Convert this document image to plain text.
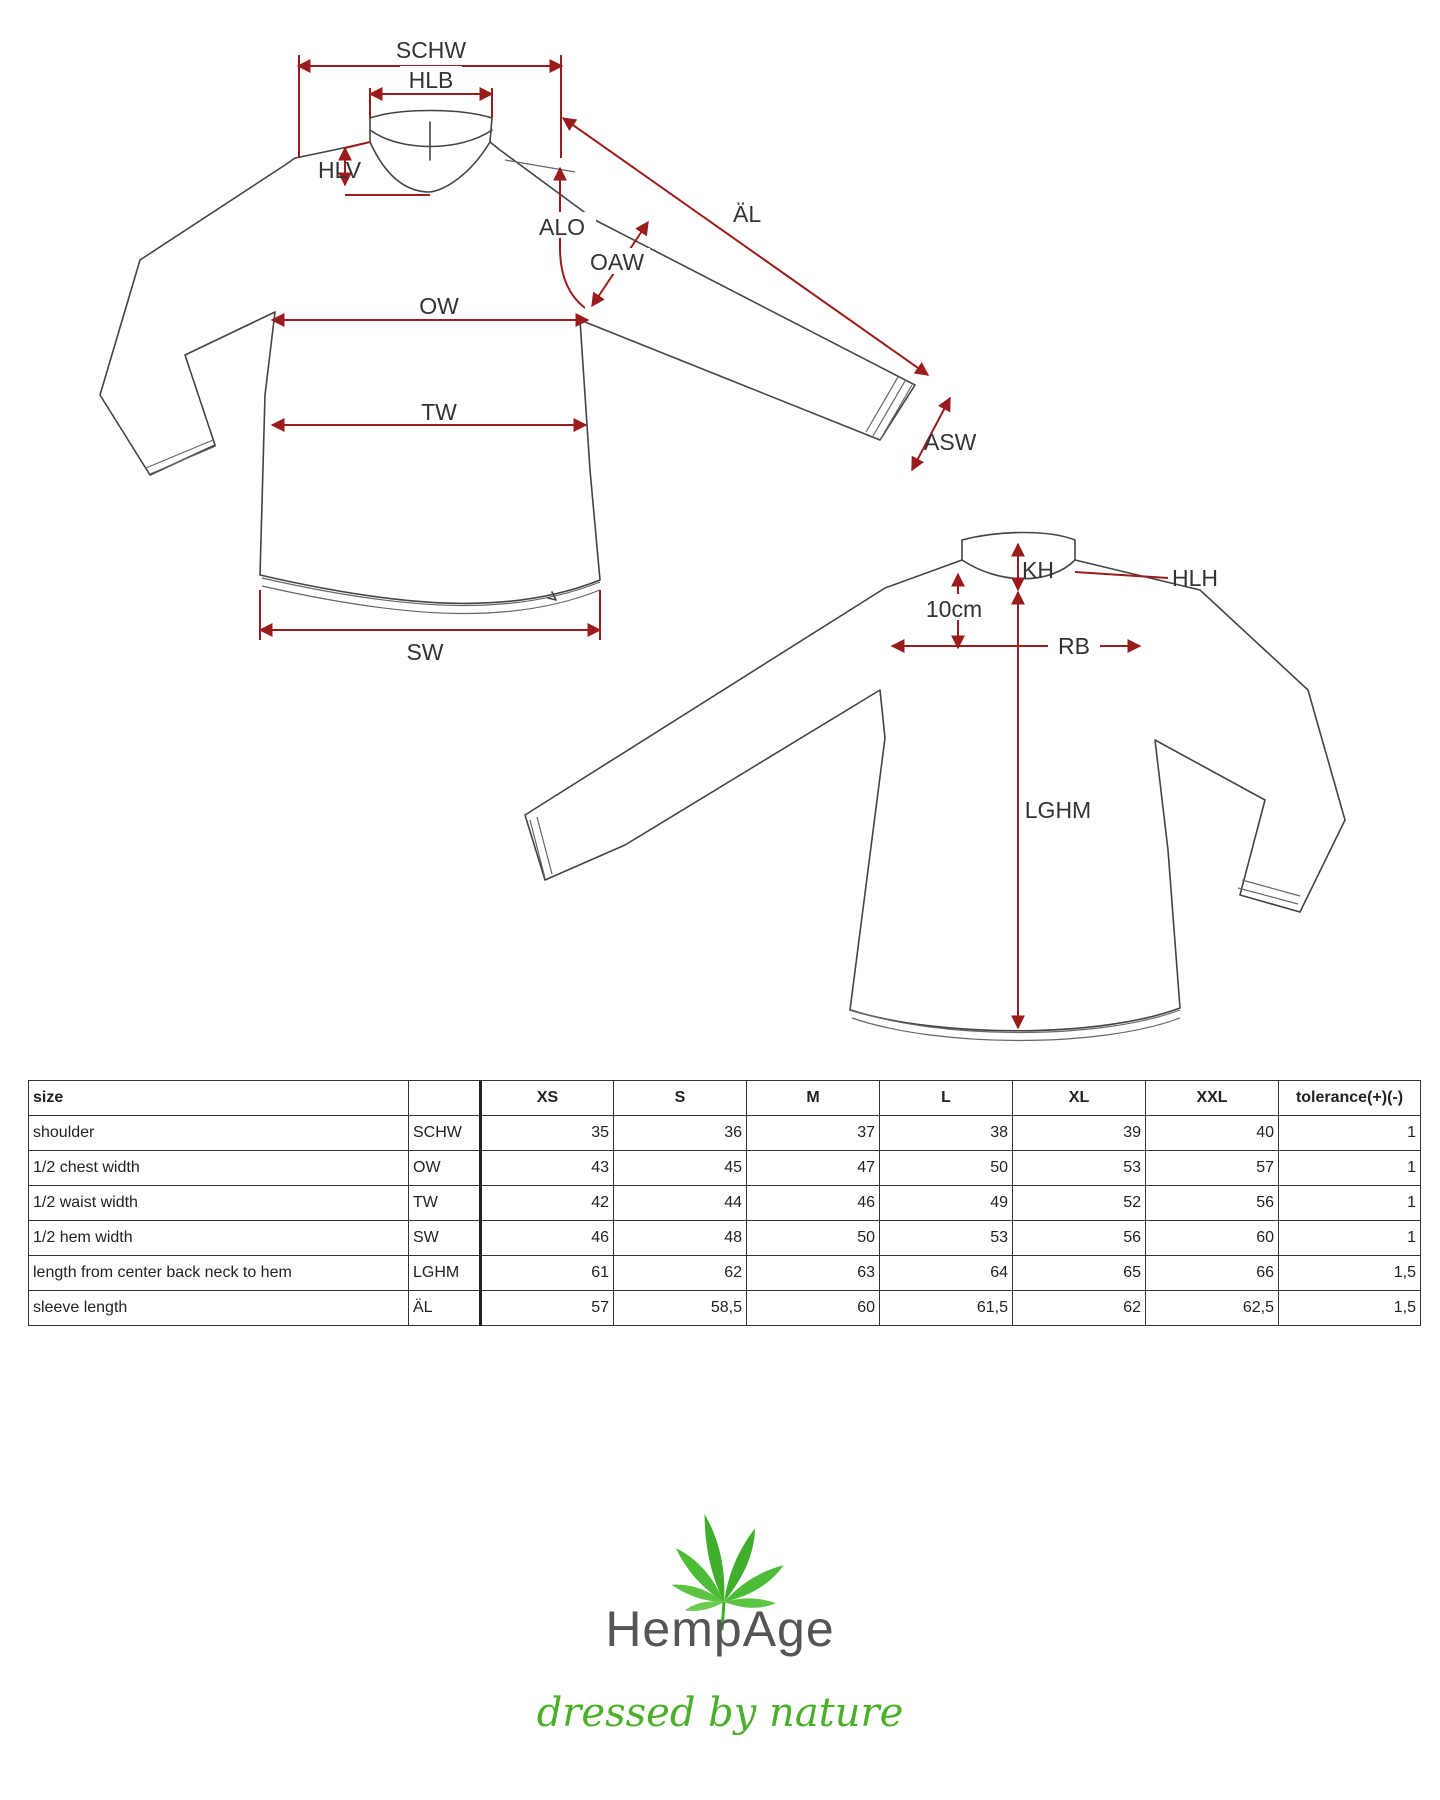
SCHW
HLB
HLV
ALO
OAW
ÄL
OW
TW
ASW
SW
KH	HLH
10cm
RB
LGHM
size		XS	S	M	L	XL	XXL	tolerance(+)(-)
shoulder	SCHW	35	36	37	38	39	40	1
1/2 chest width	OW	43	45	47	50	53	57	1
1/2 waist width	TW	42	44	46	49	52	56	1
1/2 hem width	SW	46	48	50	53	56	60	1
length from center back neck to hem	LGHM	61	62	63	64	65	66	1,5
sleeve length	ÄL	57	58,5	60	61,5	62	62,5	1,5
HempAge
dressed by nature
